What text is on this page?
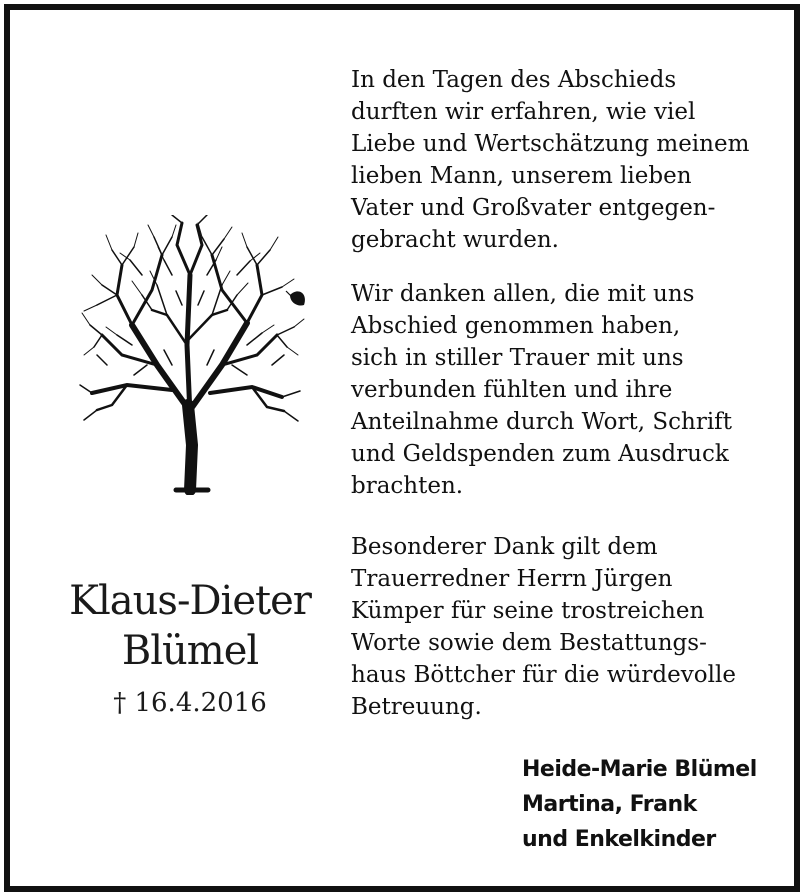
Klaus-Dieter
Blümel
† 16.4.2016
In den Tagen des Abschieds
durften wir erfahren, wie viel
Liebe und Wertschätzung meinem
lieben Mann, unserem lieben
Vater und Großvater entgegen-
gebracht wurden.
Wir danken allen, die mit uns
Abschied genommen haben,
sich in stiller Trauer mit uns
verbunden fühlten und ihre
Anteilnahme durch Wort, Schrift
und Geldspenden zum Ausdruck
brachten.
Besonderer Dank gilt dem
Trauerredner Herrn Jürgen
Kümper für seine trostreichen
Worte sowie dem Bestattungs-
haus Böttcher für die würdevolle
Betreuung.
Heide-Marie Blümel
Martina, Frank
und Enkelkinder
